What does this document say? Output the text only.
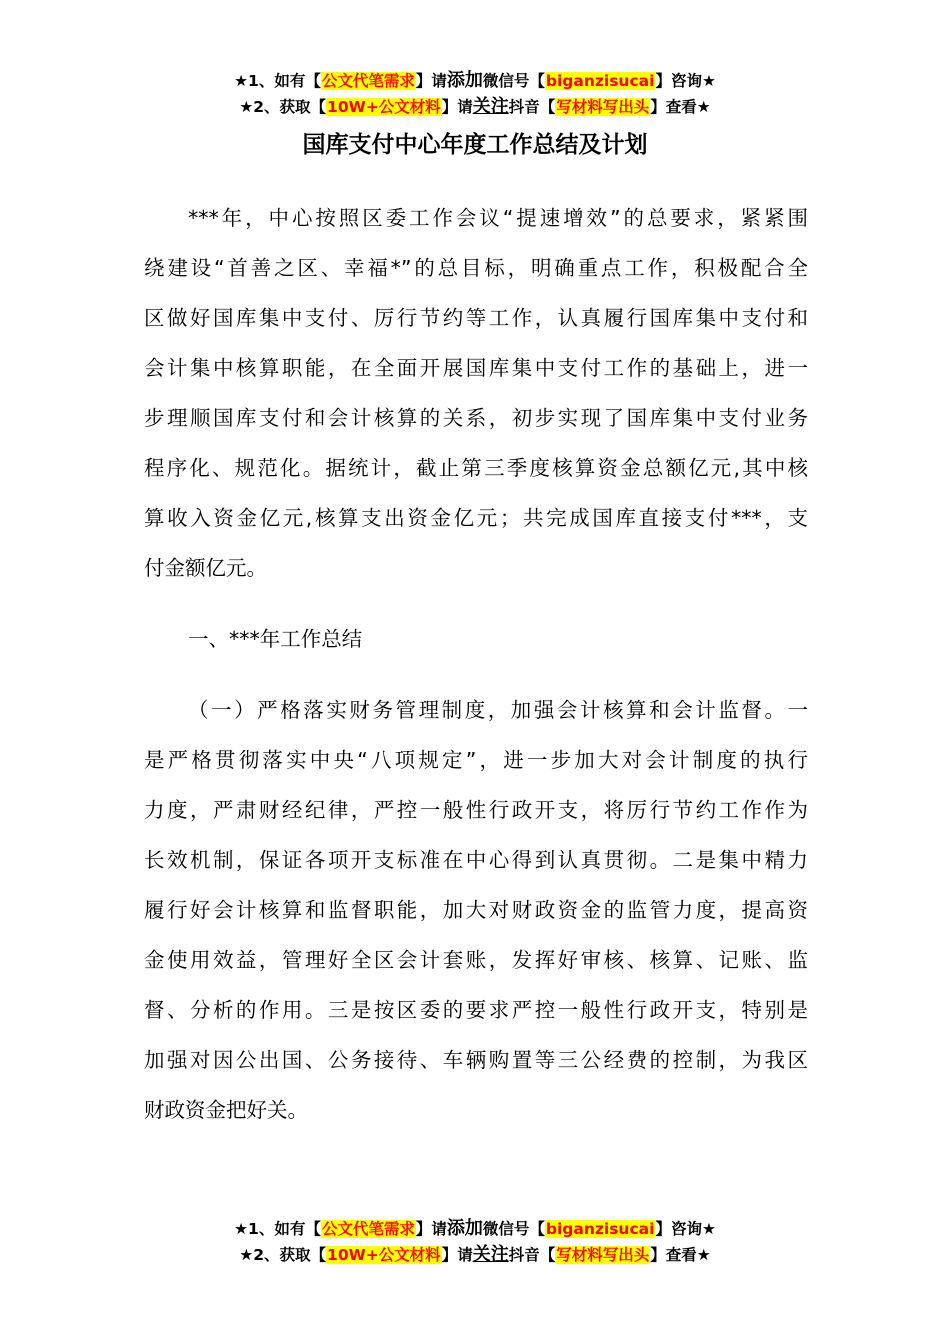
★1、如有【公文代笔需求】请添加微信号【biganzisucai】咨询★
★2、获取【10W+公文材料】请关注抖音【写材料写出头】查看★
国库支付中心年度工作总结及计划
***年，中心按照区委工作会议“提速增效”的总要求，紧紧围
绕建设“首善之区、幸福*”的总目标，明确重点工作，积极配合全
区做好国库集中支付、厉行节约等工作，认真履行国库集中支付和
会计集中核算职能，在全面开展国库集中支付工作的基础上，进一
步理顺国库支付和会计核算的关系，初步实现了国库集中支付业务
程序化、规范化。据统计，截止第三季度核算资金总额亿元,其中核
算收入资金亿元,核算支出资金亿元；共完成国库直接支付***，支
付金额亿元。
一、***年工作总结
（一）严格落实财务管理制度，加强会计核算和会计监督。一
是严格贯彻落实中央“八项规定”，进一步加大对会计制度的执行
力度，严肃财经纪律，严控一般性行政开支，将厉行节约工作作为
长效机制，保证各项开支标准在中心得到认真贯彻。二是集中精力
履行好会计核算和监督职能，加大对财政资金的监管力度，提高资
金使用效益，管理好全区会计套账，发挥好审核、核算、记账、监
督、分析的作用。三是按区委的要求严控一般性行政开支，特别是
加强对因公出国、公务接待、车辆购置等三公经费的控制，为我区
财政资金把好关。
★1、如有【公文代笔需求】请添加微信号【biganzisucai】咨询★
★2、获取【10W+公文材料】请关注抖音【写材料写出头】查看★
